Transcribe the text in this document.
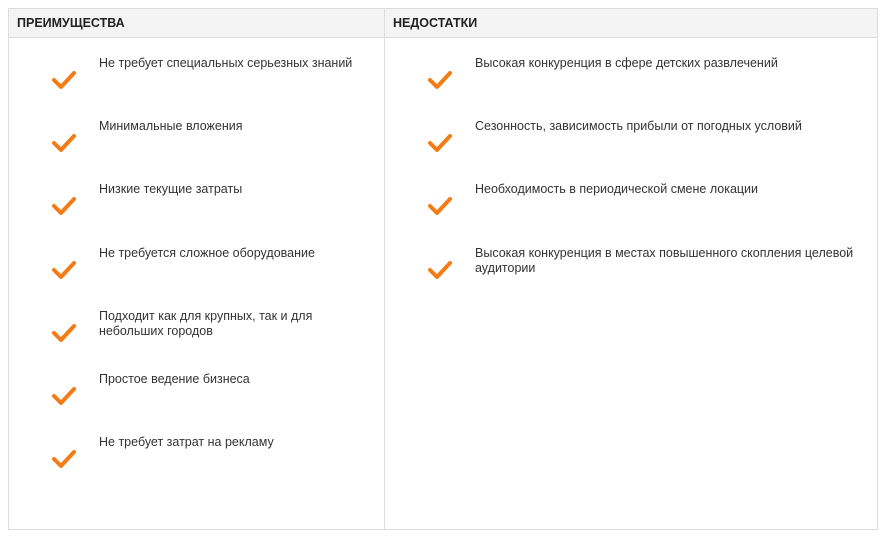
ПРЕИМУЩЕСТВА
Не требует специальных серьезных знаний
Минимальные вложения
Низкие текущие затраты
Не требуется сложное оборудование
Подходит как для крупных, так и для небольших городов
Простое ведение бизнеса
Не требует затрат на рекламу
НЕДОСТАТКИ
Высокая конкуренция в сфере детских развлечений
Сезонность, зависимость прибыли от погодных условий
Необходимость в периодической смене локации
Высокая конкуренция в местах повышенного скопления целевой аудитории
